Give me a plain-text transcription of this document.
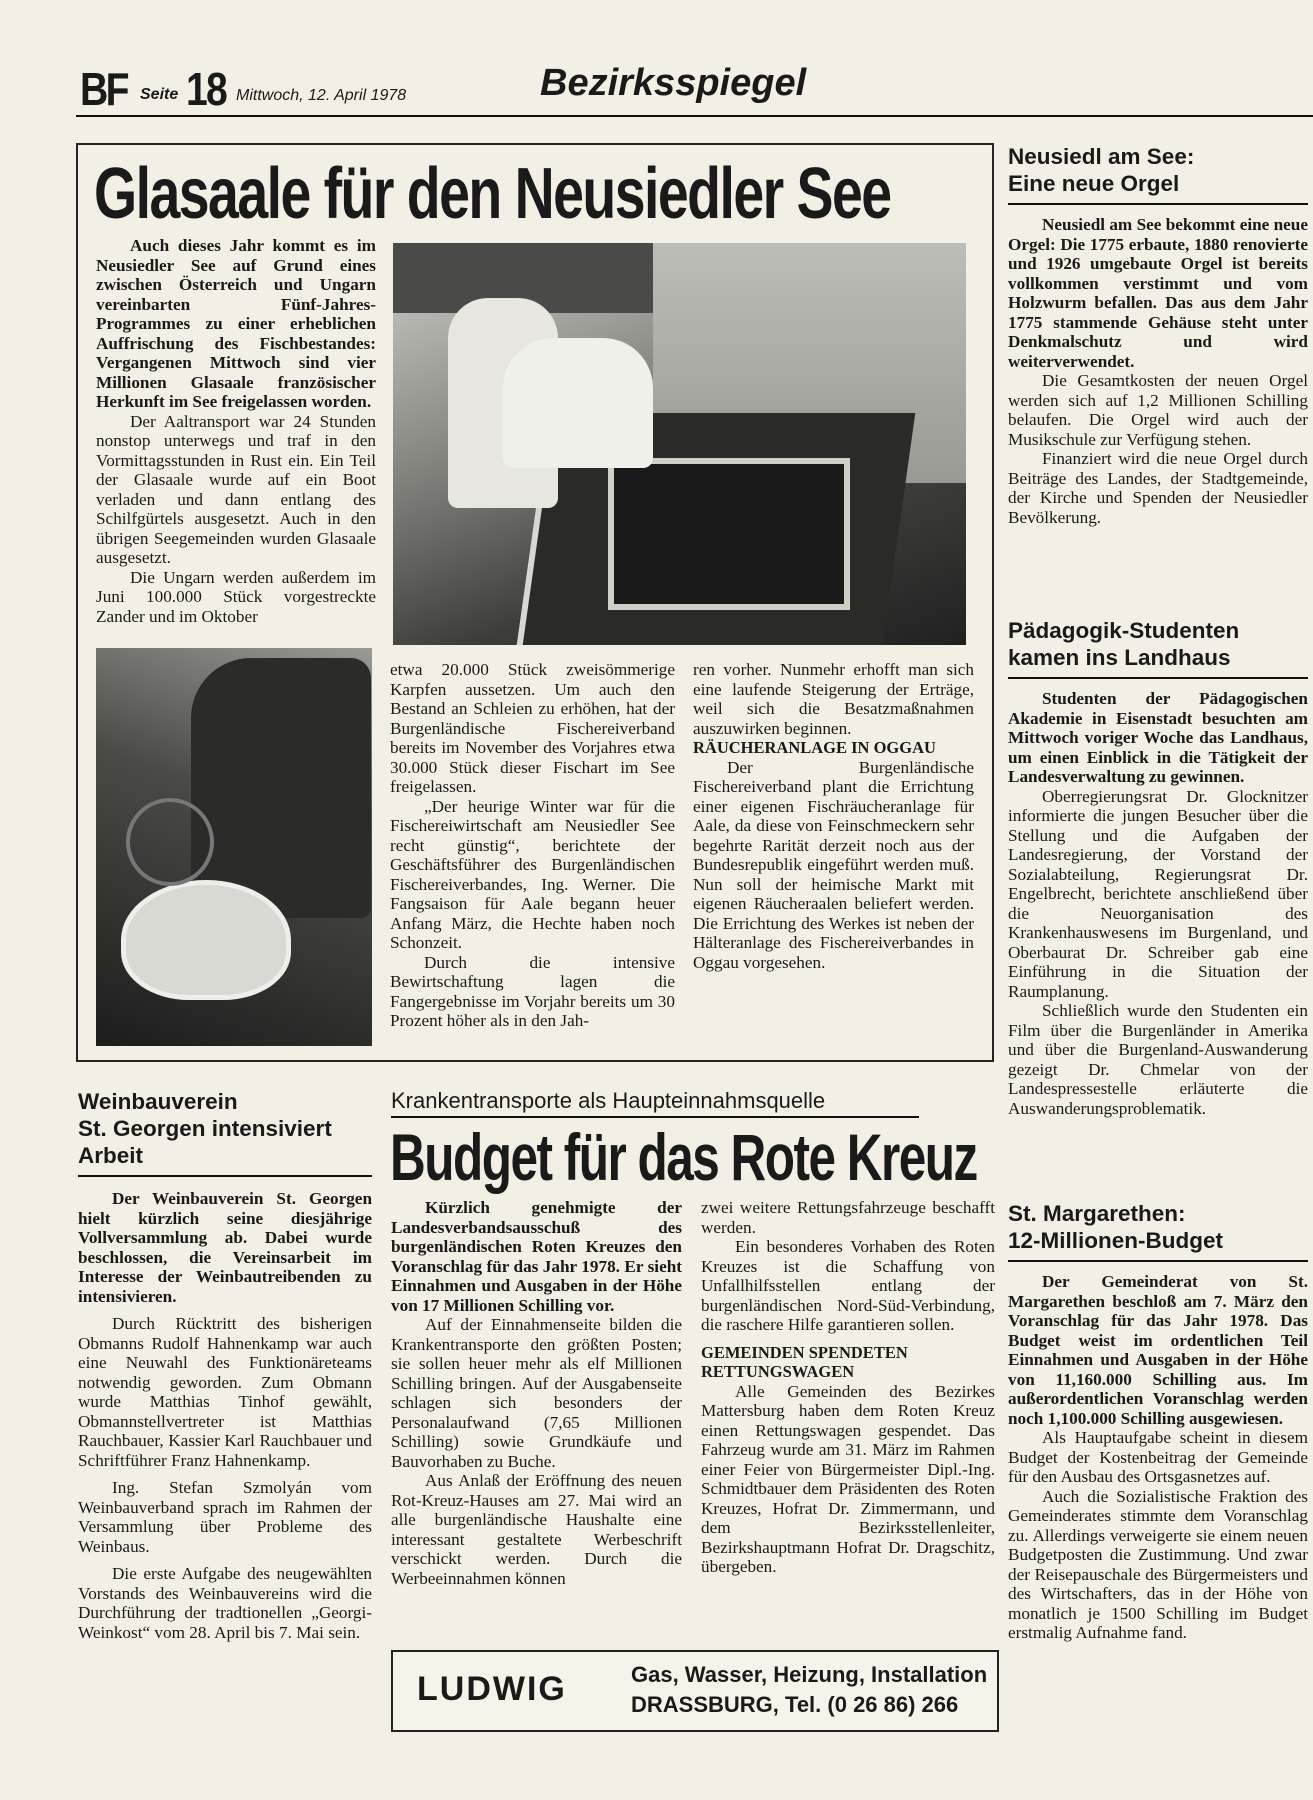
BF Seite 18 Mittwoch, 12. April 1978	Bezirksspiegel
Glasaale für den Neusiedler See

Auch dieses Jahr kommt es im Neusiedler See auf Grund eines zwischen Österreich und Ungarn vereinbarten Fünf-Jahres-Programmes zu einer erheblichen Auffrischung des Fischbestandes: Vergangenen Mittwoch sind vier Millionen Glasaale französischer Herkunft im See freigelassen worden.

Der Aaltransport war 24 Stunden nonstop unterwegs und traf in den Vormittagsstunden in Rust ein. Ein Teil der Glasaale wurde auf ein Boot verladen und dann entlang des Schilfgürtels ausgesetzt. Auch in den übrigen Seegemeinden wurden Glasaale ausgesetzt.

Die Ungarn werden außerdem im Juni 100.000 Stück vorgestreckte Zander und im Oktober

etwa 20.000 Stück zweisömmerige Karpfen aussetzen. Um auch den Bestand an Schleien zu erhöhen, hat der Burgenländische Fischereiverband bereits im November des Vorjahres etwa 30.000 Stück dieser Fischart im See freigelassen.

„Der heurige Winter war für die Fischereiwirtschaft am Neusiedler See recht günstig“, berichtete der Geschäftsführer des Burgenländischen Fischereiverbandes, Ing. Werner. Die Fangsaison für Aale begann heuer Anfang März, die Hechte haben noch Schonzeit.

Durch die intensive Bewirtschaftung lagen die Fangergebnisse im Vorjahr bereits um 30 Prozent höher als in den Jah-

ren vorher. Nunmehr erhofft man sich eine laufende Steigerung der Erträge, weil sich die Besatzmaßnahmen auszuwirken beginnen.

RÄUCHERANLAGE IN OGGAU

Der Burgenländische Fischereiverband plant die Errichtung einer eigenen Fischräucheranlage für Aale, da diese von Feinschmeckern sehr begehrte Rarität derzeit noch aus der Bundesrepublik eingeführt werden muß. Nun soll der heimische Markt mit eigenen Räucheraalen beliefert werden. Die Errichtung des Werkes ist neben der Hälteranlage des Fischereiverbandes in Oggau vorgesehen.

Neusiedl am See:
Eine neue Orgel

Neusiedl am See bekommt eine neue Orgel: Die 1775 erbaute, 1880 renovierte und 1926 umgebaute Orgel ist bereits vollkommen verstimmt und vom Holzwurm befallen. Das aus dem Jahr 1775 stammende Gehäuse steht unter Denkmalschutz und wird weiterverwendet.

Die Gesamtkosten der neuen Orgel werden sich auf 1,2 Millionen Schilling belaufen. Die Orgel wird auch der Musikschule zur Verfügung stehen.

Finanziert wird die neue Orgel durch Beiträge des Landes, der Stadtgemeinde, der Kirche und Spenden der Neusiedler Bevölkerung.

Pädagogik-Studenten
kamen ins Landhaus

Studenten der Pädagogischen Akademie in Eisenstadt besuchten am Mittwoch voriger Woche das Landhaus, um einen Einblick in die Tätigkeit der Landesverwaltung zu gewinnen.

Oberregierungsrat Dr. Glocknitzer informierte die jungen Besucher über die Stellung und die Aufgaben der Landesregierung, der Vorstand der Sozialabteilung, Regierungsrat Dr. Engelbrecht, berichtete anschließend über die Neuorganisation des Krankenhauswesens im Burgenland, und Oberbaurat Dr. Schreiber gab eine Einführung in die Situation der Raumplanung.

Schließlich wurde den Studenten ein Film über die Burgenländer in Amerika und über die Burgenland-Auswanderung gezeigt Dr. Chmelar von der Landespressestelle erläuterte die Auswanderungsproblematik.

St. Margarethen:
12-Millionen-Budget

Der Gemeinderat von St. Margarethen beschloß am 7. März den Voranschlag für das Jahr 1978. Das Budget weist im ordentlichen Teil Einnahmen und Ausgaben in der Höhe von 11,160.000 Schilling aus. Im außerordentlichen Voranschlag werden noch 1,100.000 Schilling ausgewiesen.

Als Hauptaufgabe scheint in diesem Budget der Kostenbeitrag der Gemeinde für den Ausbau des Ortsgasnetzes auf.

Auch die Sozialistische Fraktion des Gemeinderates stimmte dem Voranschlag zu. Allerdings verweigerte sie einem neuen Budgetposten die Zustimmung. Und zwar der Reisepauschale des Bürgermeisters und des Wirtschafters, das in der Höhe von monatlich je 1500 Schilling im Budget erstmalig Aufnahme fand.

Weinbauverein
St. Georgen intensiviert
Arbeit

Der Weinbauverein St. Georgen hielt kürzlich seine diesjährige Vollversammlung ab. Dabei wurde beschlossen, die Vereinsarbeit im Interesse der Weinbautreibenden zu intensivieren.

Durch Rücktritt des bisherigen Obmanns Rudolf Hahnenkamp war auch eine Neuwahl des Funktionäreteams notwendig geworden. Zum Obmann wurde Matthias Tinhof gewählt, Obmannstellvertreter ist Matthias Rauchbauer, Kassier Karl Rauchbauer und Schriftführer Franz Hahnenkamp.

Ing. Stefan Szmolyán vom Weinbauverband sprach im Rahmen der Versammlung über Probleme des Weinbaus.

Die erste Aufgabe des neugewählten Vorstands des Weinbauvereins wird die Durchführung der tradtionellen „Georgi-Weinkost“ vom 28. April bis 7. Mai sein.

Krankentransporte als Haupteinnahmsquelle
Budget für das Rote Kreuz

Kürzlich genehmigte der Landesverbandsausschuß des burgenländischen Roten Kreuzes den Voranschlag für das Jahr 1978. Er sieht Einnahmen und Ausgaben in der Höhe von 17 Millionen Schilling vor.

Auf der Einnahmenseite bilden die Krankentransporte den größten Posten; sie sollen heuer mehr als elf Millionen Schilling bringen. Auf der Ausgabenseite schlagen sich besonders der Personalaufwand (7,65 Millionen Schilling) sowie Grundkäufe und Bauvorhaben zu Buche.

Aus Anlaß der Eröffnung des neuen Rot-Kreuz-Hauses am 27. Mai wird an alle burgenländische Haushalte eine interessant gestaltete Werbeschrift verschickt werden. Durch die Werbeeinnahmen können

zwei weitere Rettungsfahrzeuge beschafft werden.

Ein besonderes Vorhaben des Roten Kreuzes ist die Schaffung von Unfallhilfsstellen entlang der burgenländischen Nord-Süd-Verbindung, die raschere Hilfe garantieren sollen.

GEMEINDEN SPENDETEN RETTUNGSWAGEN

Alle Gemeinden des Bezirkes Mattersburg haben dem Roten Kreuz einen Rettungswagen gespendet. Das Fahrzeug wurde am 31. März im Rahmen einer Feier von Bürgermeister Dipl.-Ing. Schmidtbauer dem Präsidenten des Roten Kreuzes, Hofrat Dr. Zimmermann, und dem Bezirksstellenleiter, Bezirkshauptmann Hofrat Dr. Dragschitz, übergeben.

LUDWIG	Gas, Wasser, Heizung, Installation
DRASSBURG, Tel. (0 26 86) 266
